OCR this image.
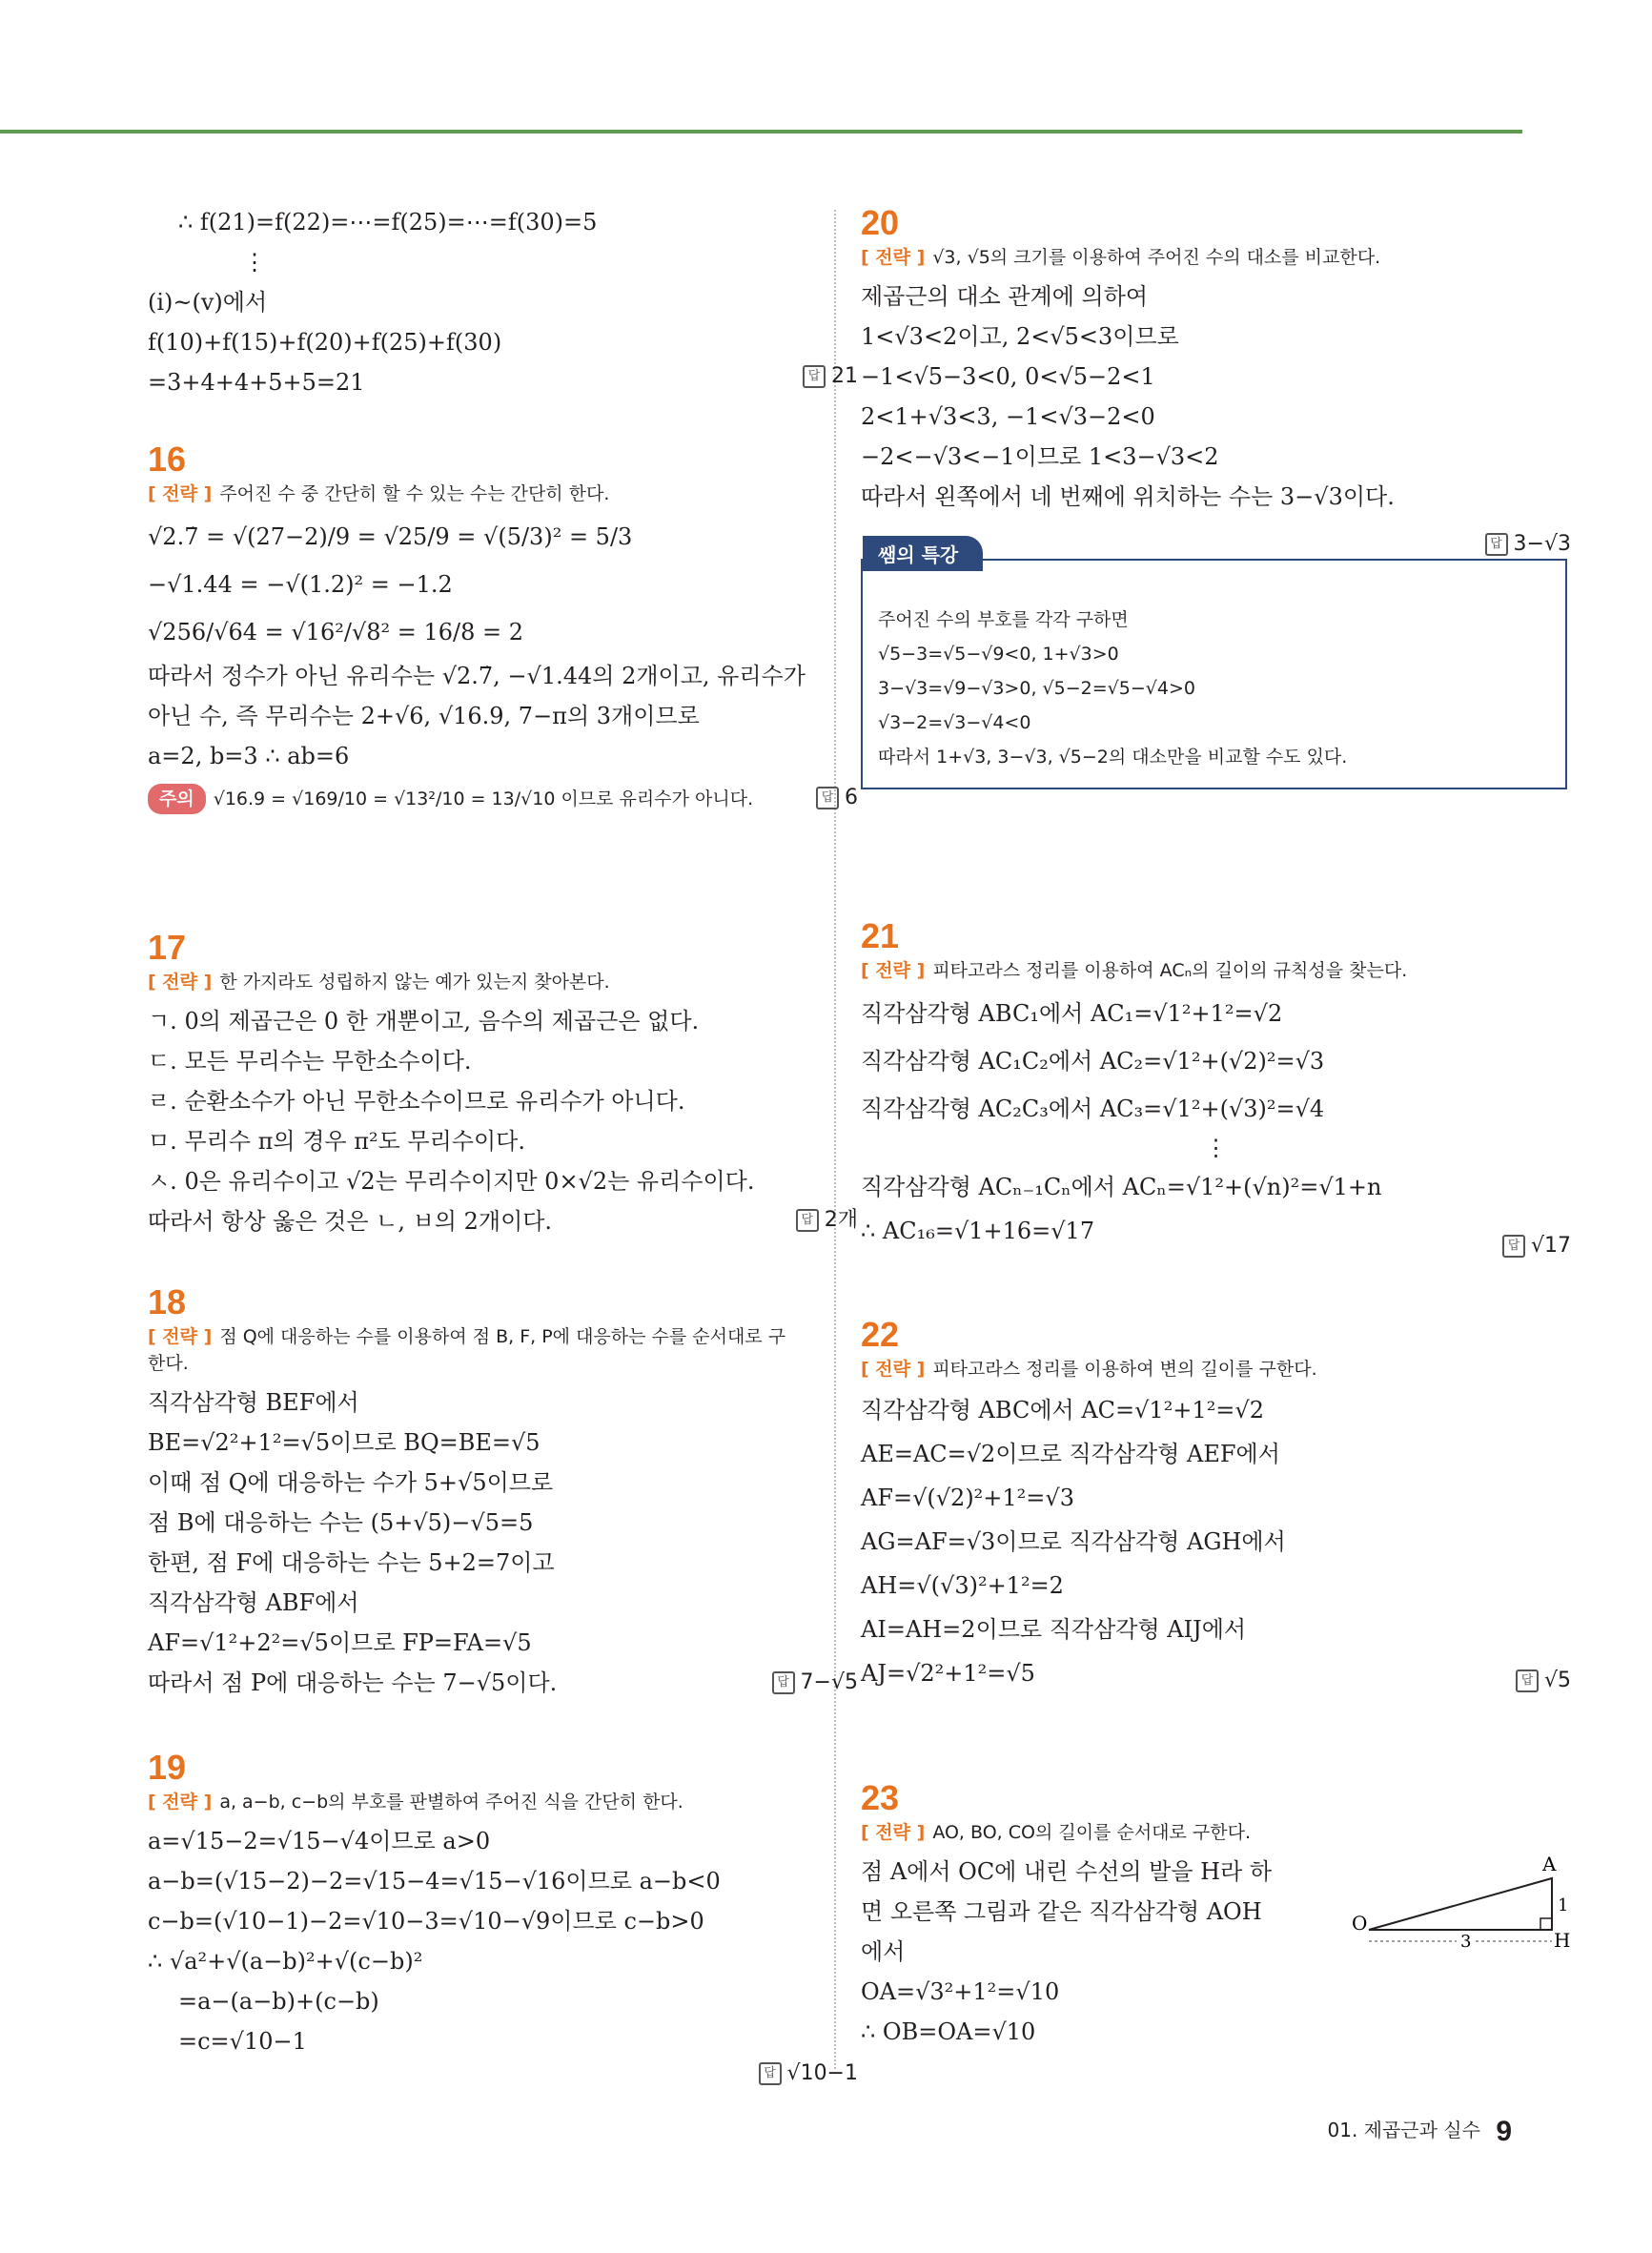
∴ f(21)=f(22)=⋯=f(25)=⋯=f(30)=5
⋮
(ⅰ)~(ⅴ)에서
f(10)+f(15)+f(20)+f(25)+f(30)
=3+4+4+5+5=21	답 21
16
[ 전략 ] 주어진 수 중 간단히 할 수 있는 수는 간단히 한다.
√2.7̇ = √(27−2)/9 = √25/9 = √(5/3)² = 5/3
−√1.44 = −√(1.2)² = −1.2
√256/√64 = √16²/√8² = 16/8 = 2
따라서 정수가 아닌 유리수는 √2.7̇, −√1.44의 2개이고, 유리수가
아닌 수, 즉 무리수는 2+√6, √16.9, 7−π의 3개이므로
a=2, b=3 ∴ ab=6
답 6
주의 √16.9 = √169/10 = √13²/10 = 13/√10 이므로 유리수가 아니다.
17
[ 전략 ] 한 가지라도 성립하지 않는 예가 있는지 찾아본다.
ㄱ. 0의 제곱근은 0 한 개뿐이고, 음수의 제곱근은 없다.
ㄷ. 모든 무리수는 무한소수이다.
ㄹ. 순환소수가 아닌 무한소수이므로 유리수가 아니다.
ㅁ. 무리수 π의 경우 π²도 무리수이다.
ㅅ. 0은 유리수이고 √2는 무리수이지만 0×√2는 유리수이다.
따라서 항상 옳은 것은 ㄴ, ㅂ의 2개이다.	답 2개
18
[ 전략 ] 점 Q에 대응하는 수를 이용하여 점 B, F, P에 대응하는 수를 순서대로 구
한다.
직각삼각형 BEF에서
BE=√2²+1²=√5이므로 BQ=BE=√5
이때 점 Q에 대응하는 수가 5+√5이므로
점 B에 대응하는 수는 (5+√5)−√5=5
한편, 점 F에 대응하는 수는 5+2=7이고
직각삼각형 ABF에서
AF=√1²+2²=√5이므로 FP=FA=√5
따라서 점 P에 대응하는 수는 7−√5이다.	답 7−√5
19
[ 전략 ] a, a−b, c−b의 부호를 판별하여 주어진 식을 간단히 한다.
a=√15−2=√15−√4이므로 a>0
a−b=(√15−2)−2=√15−4=√15−√16이므로 a−b<0
c−b=(√10−1)−2=√10−3=√10−√9이므로 c−b>0
∴ √a²+√(a−b)²+√(c−b)²
=a−(a−b)+(c−b)
=c=√10−1
답 √10−1
20
[ 전략 ] √3, √5의 크기를 이용하여 주어진 수의 대소를 비교한다.
제곱근의 대소 관계에 의하여
1<√3<2이고, 2<√5<3이므로
−1<√5−3<0, 0<√5−2<1
2<1+√3<3, −1<√3−2<0
−2<−√3<−1이므로 1<3−√3<2
따라서 왼쪽에서 네 번째에 위치하는 수는 3−√3이다.
답 3−√3
쌤의 특강
주어진 수의 부호를 각각 구하면
√5−3=√5−√9<0, 1+√3>0
3−√3=√9−√3>0, √5−2=√5−√4>0
√3−2=√3−√4<0
따라서 1+√3, 3−√3, √5−2의 대소만을 비교할 수도 있다.
21
[ 전략 ] 피타고라스 정리를 이용하여 ACₙ의 길이의 규칙성을 찾는다.
직각삼각형 ABC₁에서 AC₁=√1²+1²=√2
직각삼각형 AC₁C₂에서 AC₂=√1²+(√2)²=√3
직각삼각형 AC₂C₃에서 AC₃=√1²+(√3)²=√4
⋮
직각삼각형 ACₙ₋₁Cₙ에서 ACₙ=√1²+(√n)²=√1+n
∴ AC₁₆=√1+16=√17
답 √17
22
[ 전략 ] 피타고라스 정리를 이용하여 변의 길이를 구한다.
직각삼각형 ABC에서 AC=√1²+1²=√2
AE=AC=√2이므로 직각삼각형 AEF에서
AF=√(√2)²+1²=√3
AG=AF=√3이므로 직각삼각형 AGH에서
AH=√(√3)²+1²=2
AI=AH=2이므로 직각삼각형 AIJ에서
AJ=√2²+1²=√5	답 √5
23
[ 전략 ] AO, BO, CO의 길이를 순서대로 구한다.
점 A에서 OC에 내린 수선의 발을 H라 하
면 오른쪽 그림과 같은 직각삼각형 AOH
에서
OA=√3²+1²=√10
∴ OB=OA=√10
A
O
H
3
1
01. 제곱근과 실수 9
